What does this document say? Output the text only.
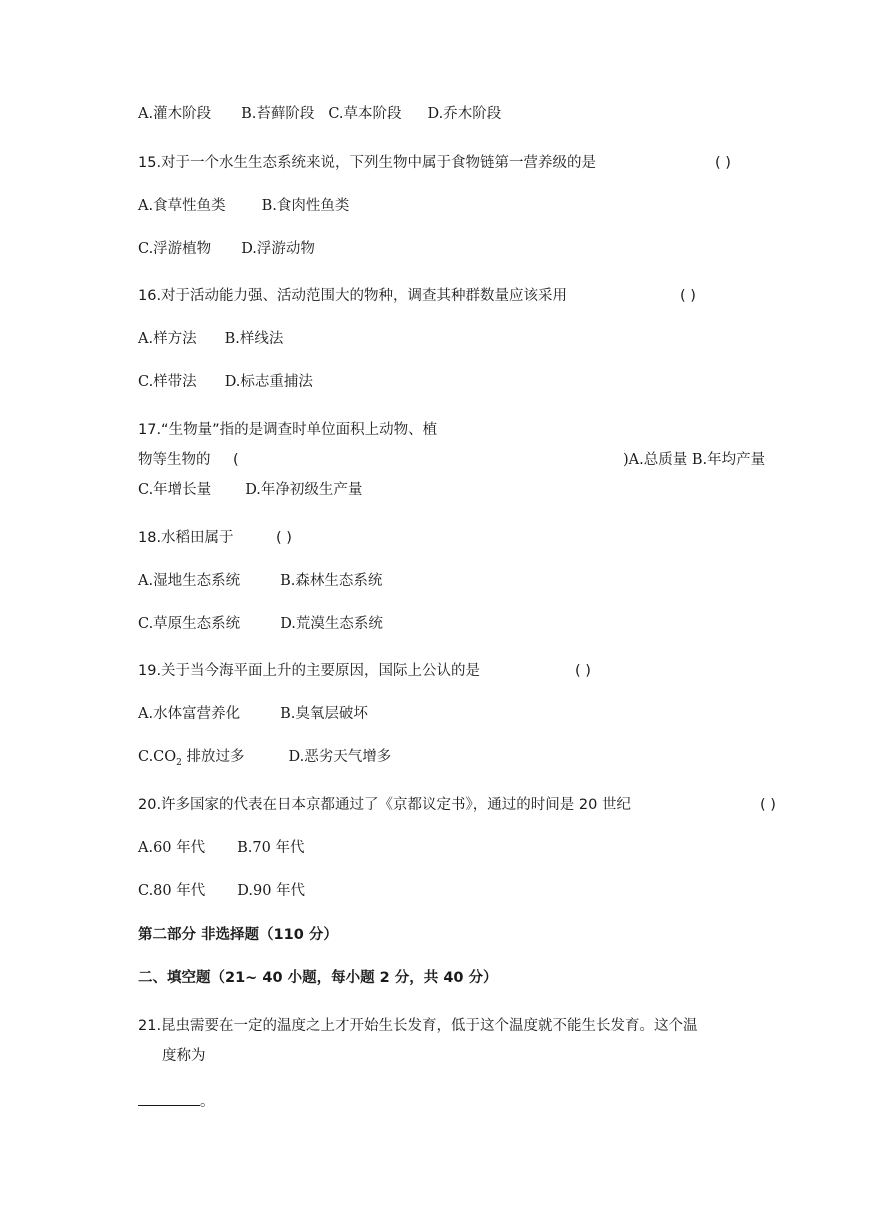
A.灌木阶段 B.苔藓阶段 C.草本阶段 D.乔木阶段
15.对于一个水生生态系统来说，下列生物中属于食物链第一营养级的是	( )
A.食草性鱼类 B.食肉性鱼类
C.浮游植物 D.浮游动物
16.对于活动能力强、活动范围大的物种，调查其种群数量应该采用	( )
A.样方法 B.样线法
C.样带法 D.标志重捕法
17.“生物量”指的是调查时单位面积上动物、植
物等生物的 (	)A.总质量 B.年均产量
C.年增长量 D.年净初级生产量
18.水稻田属于	( )
A.湿地生态系统	B.森林生态系统
C.草原生态系统	D.荒漠生态系统
19.关于当今海平面上升的主要原因，国际上公认的是	( )
A.水体富营养化	B.臭氧层破坏
$C.CO_2$ 排放过多	D.恶劣天气增多
20.许多国家的代表在日本京都通过了《京都议定书》，通过的时间是 20 世纪	( )
A.60 年代 B.70 年代
C.80 年代 D.90 年代
第二部分 非选择题（110 分）
二、填空题（21~ 40 小题，每小题 2 分，共 40 分）
21.昆虫需要在一定的温度之上才开始生长发育，低于这个温度就不能生长发育。这个温
度称为
。
